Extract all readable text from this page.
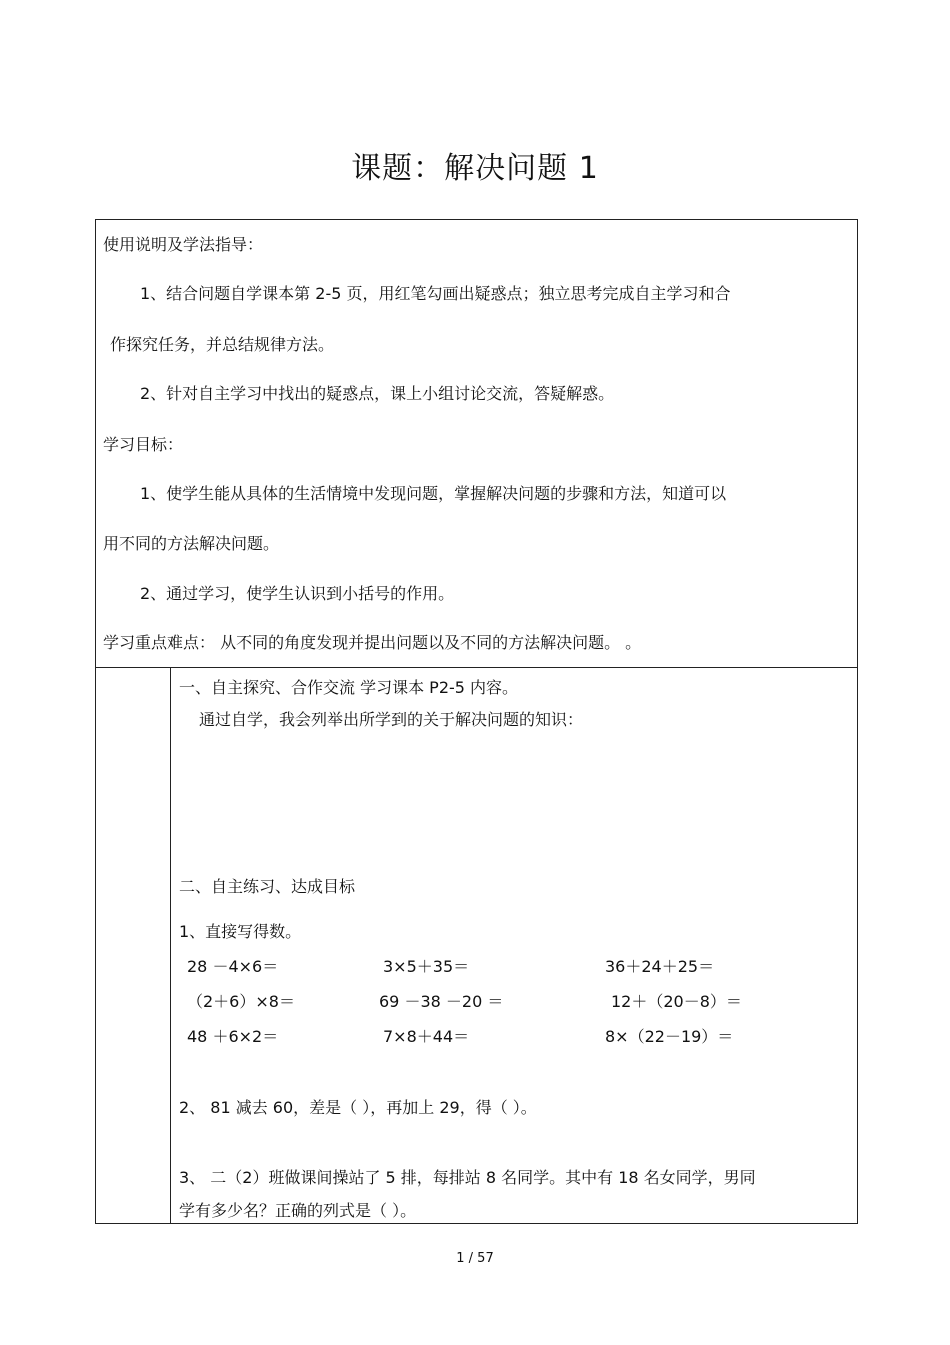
课题：解决问题 1
使用说明及学法指导：
1、结合问题自学课本第 2-5 页，用红笔勾画出疑惑点；独立思考完成自主学习和合
作探究任务，并总结规律方法。
2、针对自主学习中找出的疑惑点，课上小组讨论交流，答疑解惑。
学习目标：
1、使学生能从具体的生活情境中发现问题，掌握解决问题的步骤和方法，知道可以
用不同的方法解决问题。
2、通过学习，使学生认识到小括号的作用。
学习重点难点： 从不同的角度发现并提出问题以及不同的方法解决问题。 。
一、自主探究、合作交流 学习课本 P2-5 内容。
通过自学，我会列举出所学到的关于解决问题的知识：
二、自主练习、达成目标
1、直接写得数。
28 －4×6＝	3×5＋35＝	36＋24＋25＝
（2＋6）×8＝	69 －38 －20 ＝	12＋（20－8）＝
48 ＋6×2＝	7×8＋44＝	8×（22－19）＝
2、 81 减去 60，差是（ ），再加上 29，得（ ）。
3、 二（2）班做课间操站了 5 排，每排站 8 名同学。其中有 18 名女同学，男同
学有多少名？正确的列式是（ ）。
1 / 57
